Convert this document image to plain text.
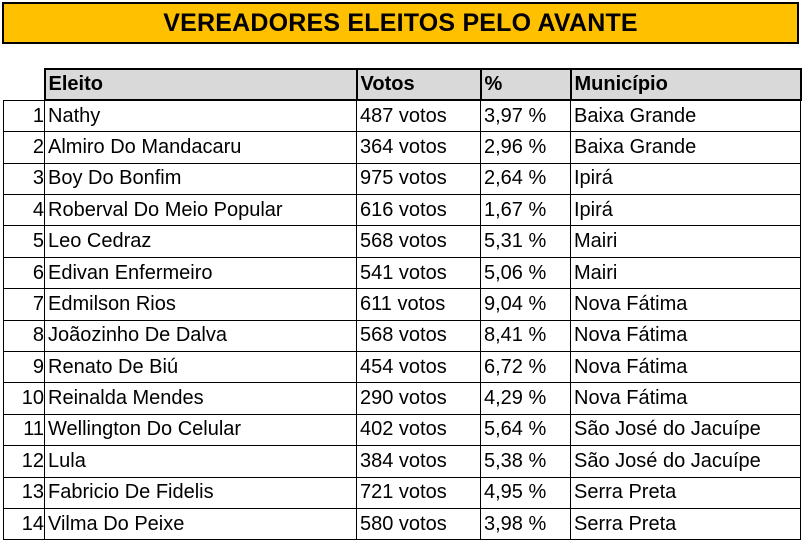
VEREADORES ELEITOS PELO AVANTE
	Eleito	Votos	%	Município
1	Nathy	487 votos	3,97 %	Baixa Grande
2	Almiro Do Mandacaru	364 votos	2,96 %	Baixa Grande
3	Boy Do Bonfim	975 votos	2,64 %	Ipirá
4	Roberval Do Meio Popular	616 votos	1,67 %	Ipirá
5	Leo Cedraz	568 votos	5,31 %	Mairi
6	Edivan Enfermeiro	541 votos	5,06 %	Mairi
7	Edmilson Rios	611 votos	9,04 %	Nova Fátima
8	Joãozinho De Dalva	568 votos	8,41 %	Nova Fátima
9	Renato De Biú	454 votos	6,72 %	Nova Fátima
10	Reinalda Mendes	290 votos	4,29 %	Nova Fátima
11	Wellington Do Celular	402 votos	5,64 %	São José do Jacuípe
12	Lula	384 votos	5,38 %	São José do Jacuípe
13	Fabricio De Fidelis	721 votos	4,95 %	Serra Preta
14	Vilma Do Peixe	580 votos	3,98 %	Serra Preta
